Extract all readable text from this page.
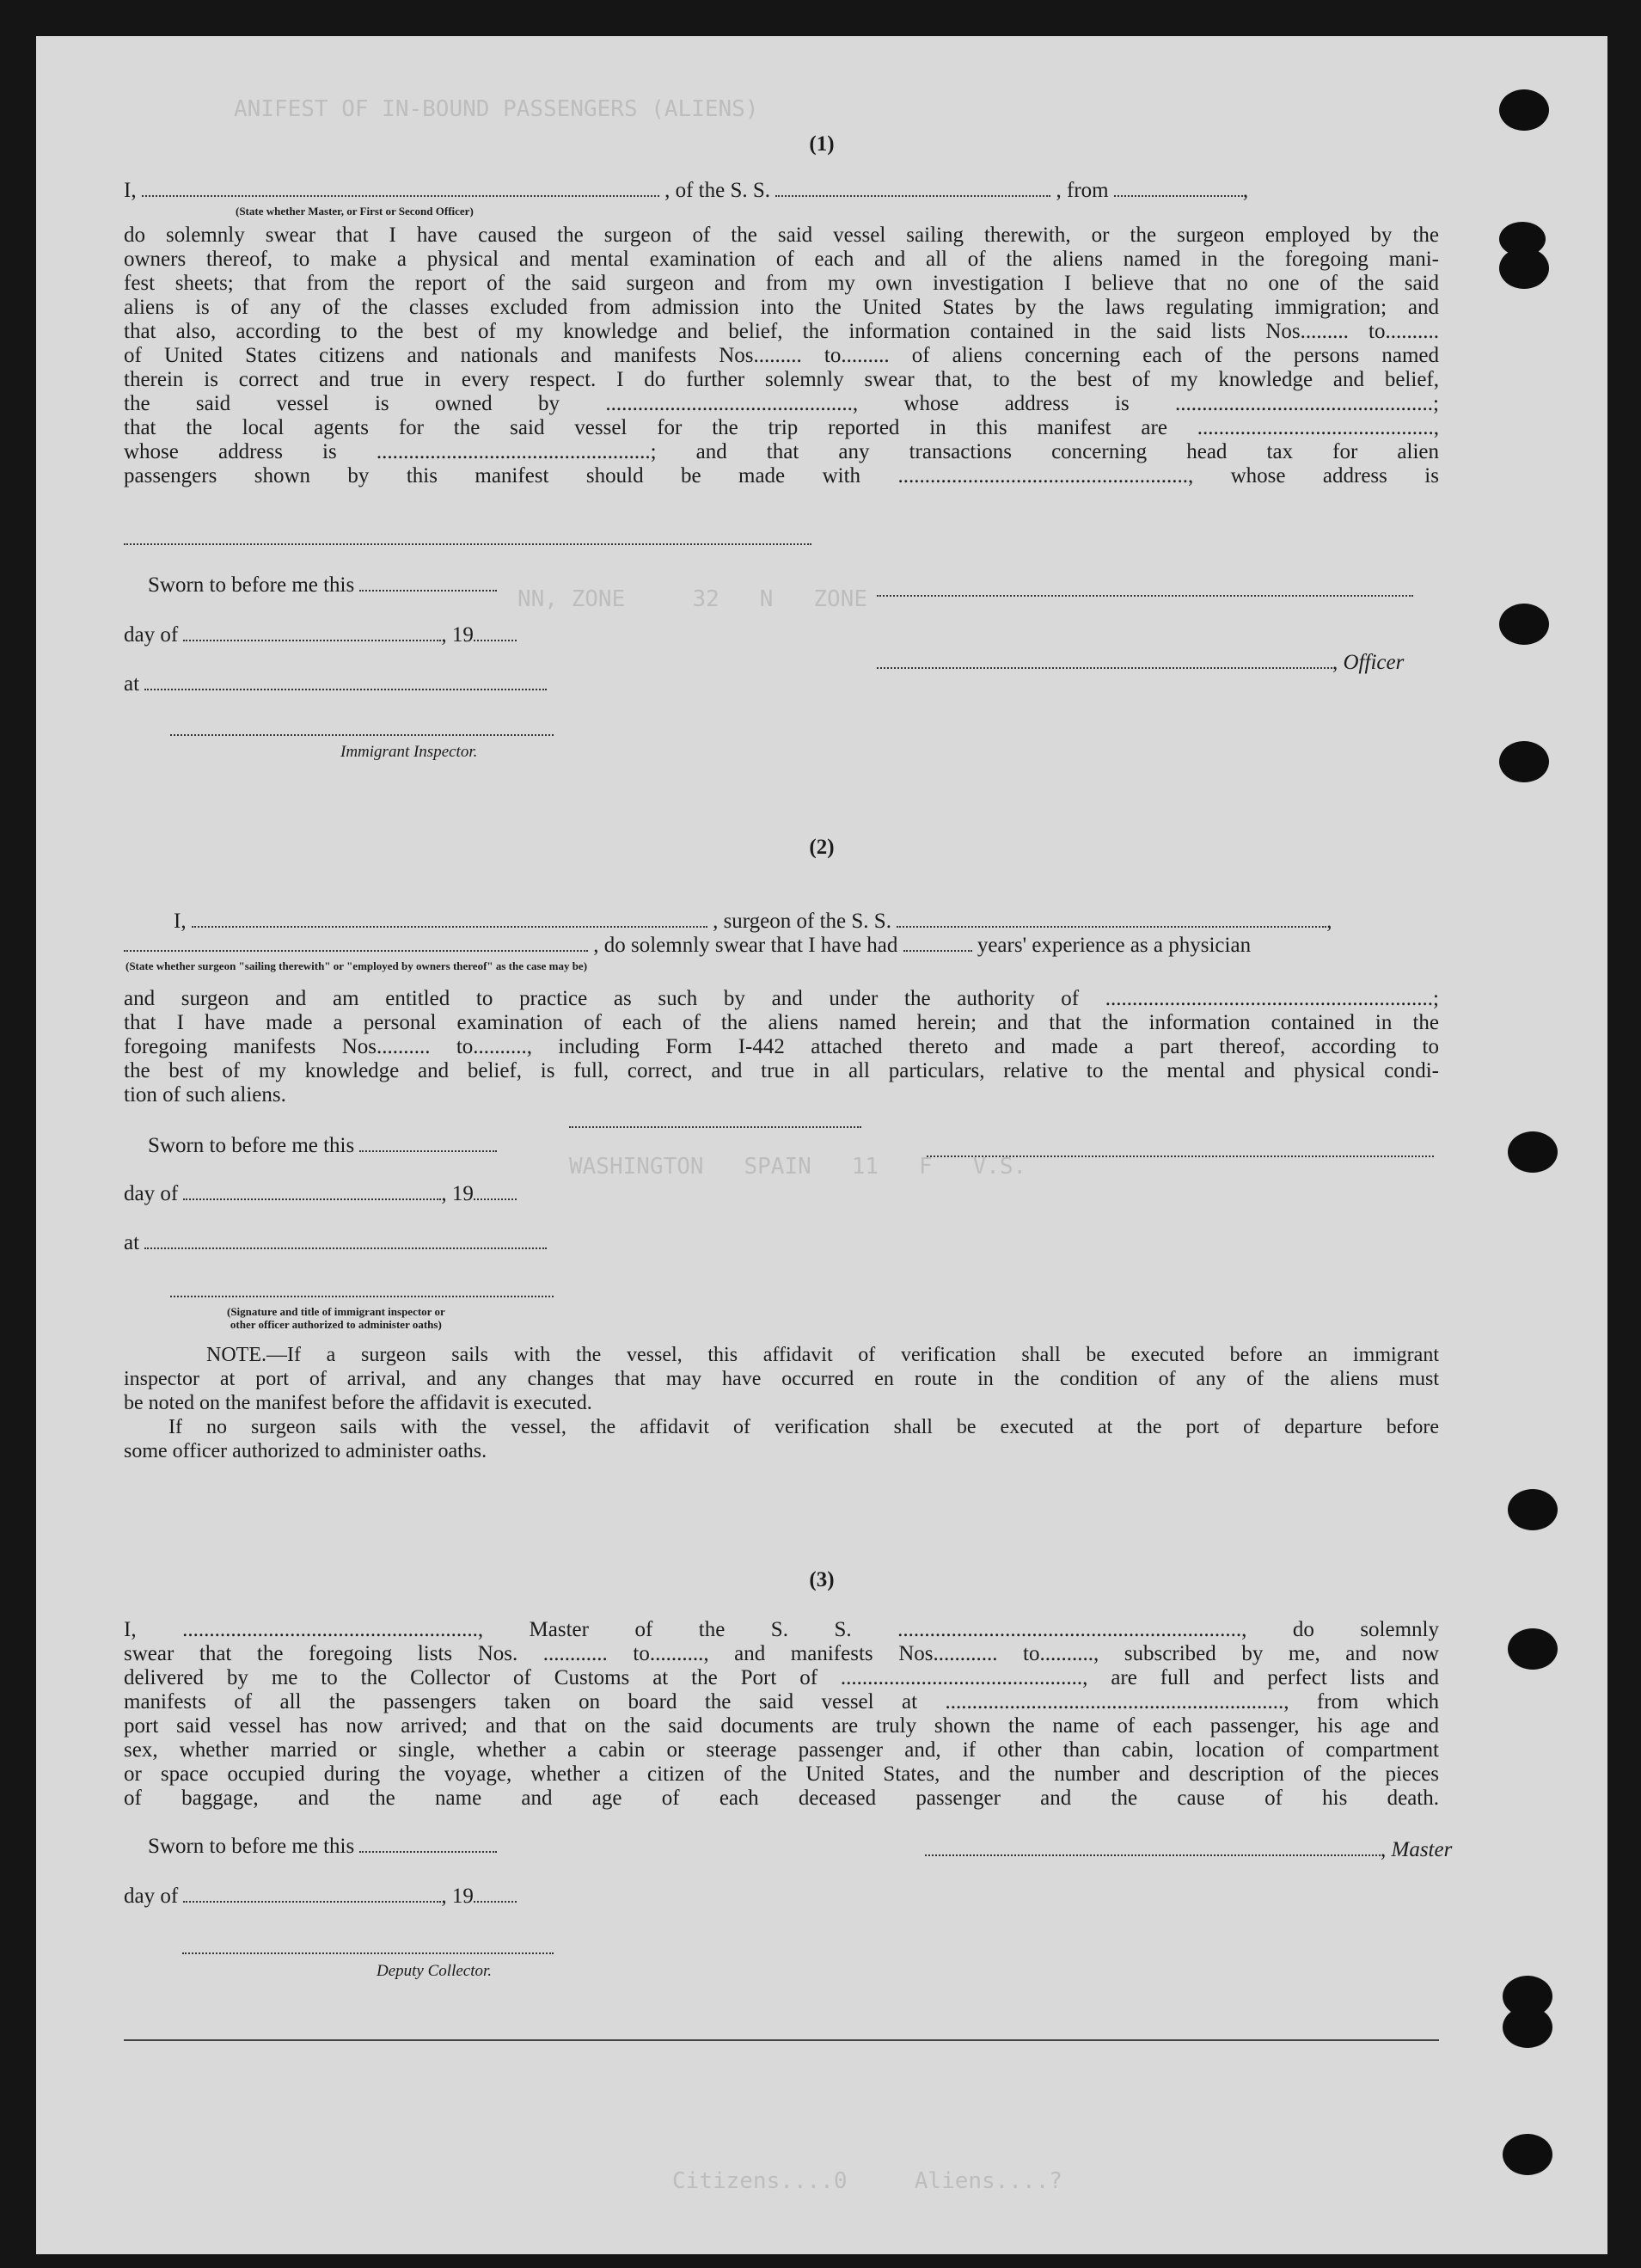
ANIFEST OF IN-BOUND PASSENGERS (ALIENS)
NN, ZONE     32   N   ZONE
WASHINGTON   SPAIN   11   F   V.S.
Citizens....0     Aliens....?
(1)
I,	, of the S. S.	, from	,
(State whether Master, or First or Second Officer)
do solemnly swear that I have caused the surgeon of the said vessel sailing therewith, or the surgeon employed by the
owners thereof, to make a physical and mental examination of each and all of the aliens named in the foregoing mani-
fest sheets; that from the report of the said surgeon and from my own investigation I believe that no one of the said
aliens is of any of the classes excluded from admission into the United States by the laws regulating immigration; and
that also, according to the best of my knowledge and belief, the information contained in the said lists Nos......... to..........
of United States citizens and nationals and manifests Nos......... to......... of aliens concerning each of the persons named
therein is correct and true in every respect. I do further solemnly swear that, to the best of my knowledge and belief,
the said vessel is owned by .............................................., whose address is ................................................;
that the local agents for the said vessel for the trip reported in this manifest are ............................................,
whose address is ...................................................; and that any transactions concerning head tax for alien
passengers shown by this manifest should be made with ......................................................, whose address is
Sworn to before me this
day of	, 19
, Officer
at
Immigrant Inspector.
(2)
I,	, surgeon of the S. S.	,
, do solemnly swear that I have had	years' experience as a physician
(State whether surgeon "sailing therewith" or "employed by owners thereof" as the case may be)
and surgeon and am entitled to practice as such by and under the authority of .............................................................;
that I have made a personal examination of each of the aliens named herein; and that the information contained in the
foregoing manifests Nos.......... to.........., including Form I-442 attached thereto and made a part thereof, according to
the best of my knowledge and belief, is full, correct, and true in all particulars, relative to the mental and physical condi-
tion of such aliens.
Sworn to before me this
day of	, 19
at
(Signature and title of immigrant inspector or
other officer authorized to administer oaths)
NOTE.—If a surgeon sails with the vessel, this affidavit of verification shall be executed before an immigrant
inspector at port of arrival, and any changes that may have occurred en route in the condition of any of the aliens must
be noted on the manifest before the affidavit is executed.
If no surgeon sails with the vessel, the affidavit of verification shall be executed at the port of departure before
some officer authorized to administer oaths.
(3)
I, ......................................................., Master of the S. S. ................................................................, do solemnly
swear that the foregoing lists Nos. ............ to.........., and manifests Nos............ to.........., subscribed by me, and now
delivered by me to the Collector of Customs at the Port of ............................................., are full and perfect lists and
manifests of all the passengers taken on board the said vessel at ..............................................................., from which
port said vessel has now arrived; and that on the said documents are truly shown the name of each passenger, his age and
sex, whether married or single, whether a cabin or steerage passenger and, if other than cabin, location of compartment
or space occupied during the voyage, whether a citizen of the United States, and the number and description of the pieces
of baggage, and the name and age of each deceased passenger and the cause of his death.
Sworn to before me this	, Master
day of	, 19
Deputy Collector.
